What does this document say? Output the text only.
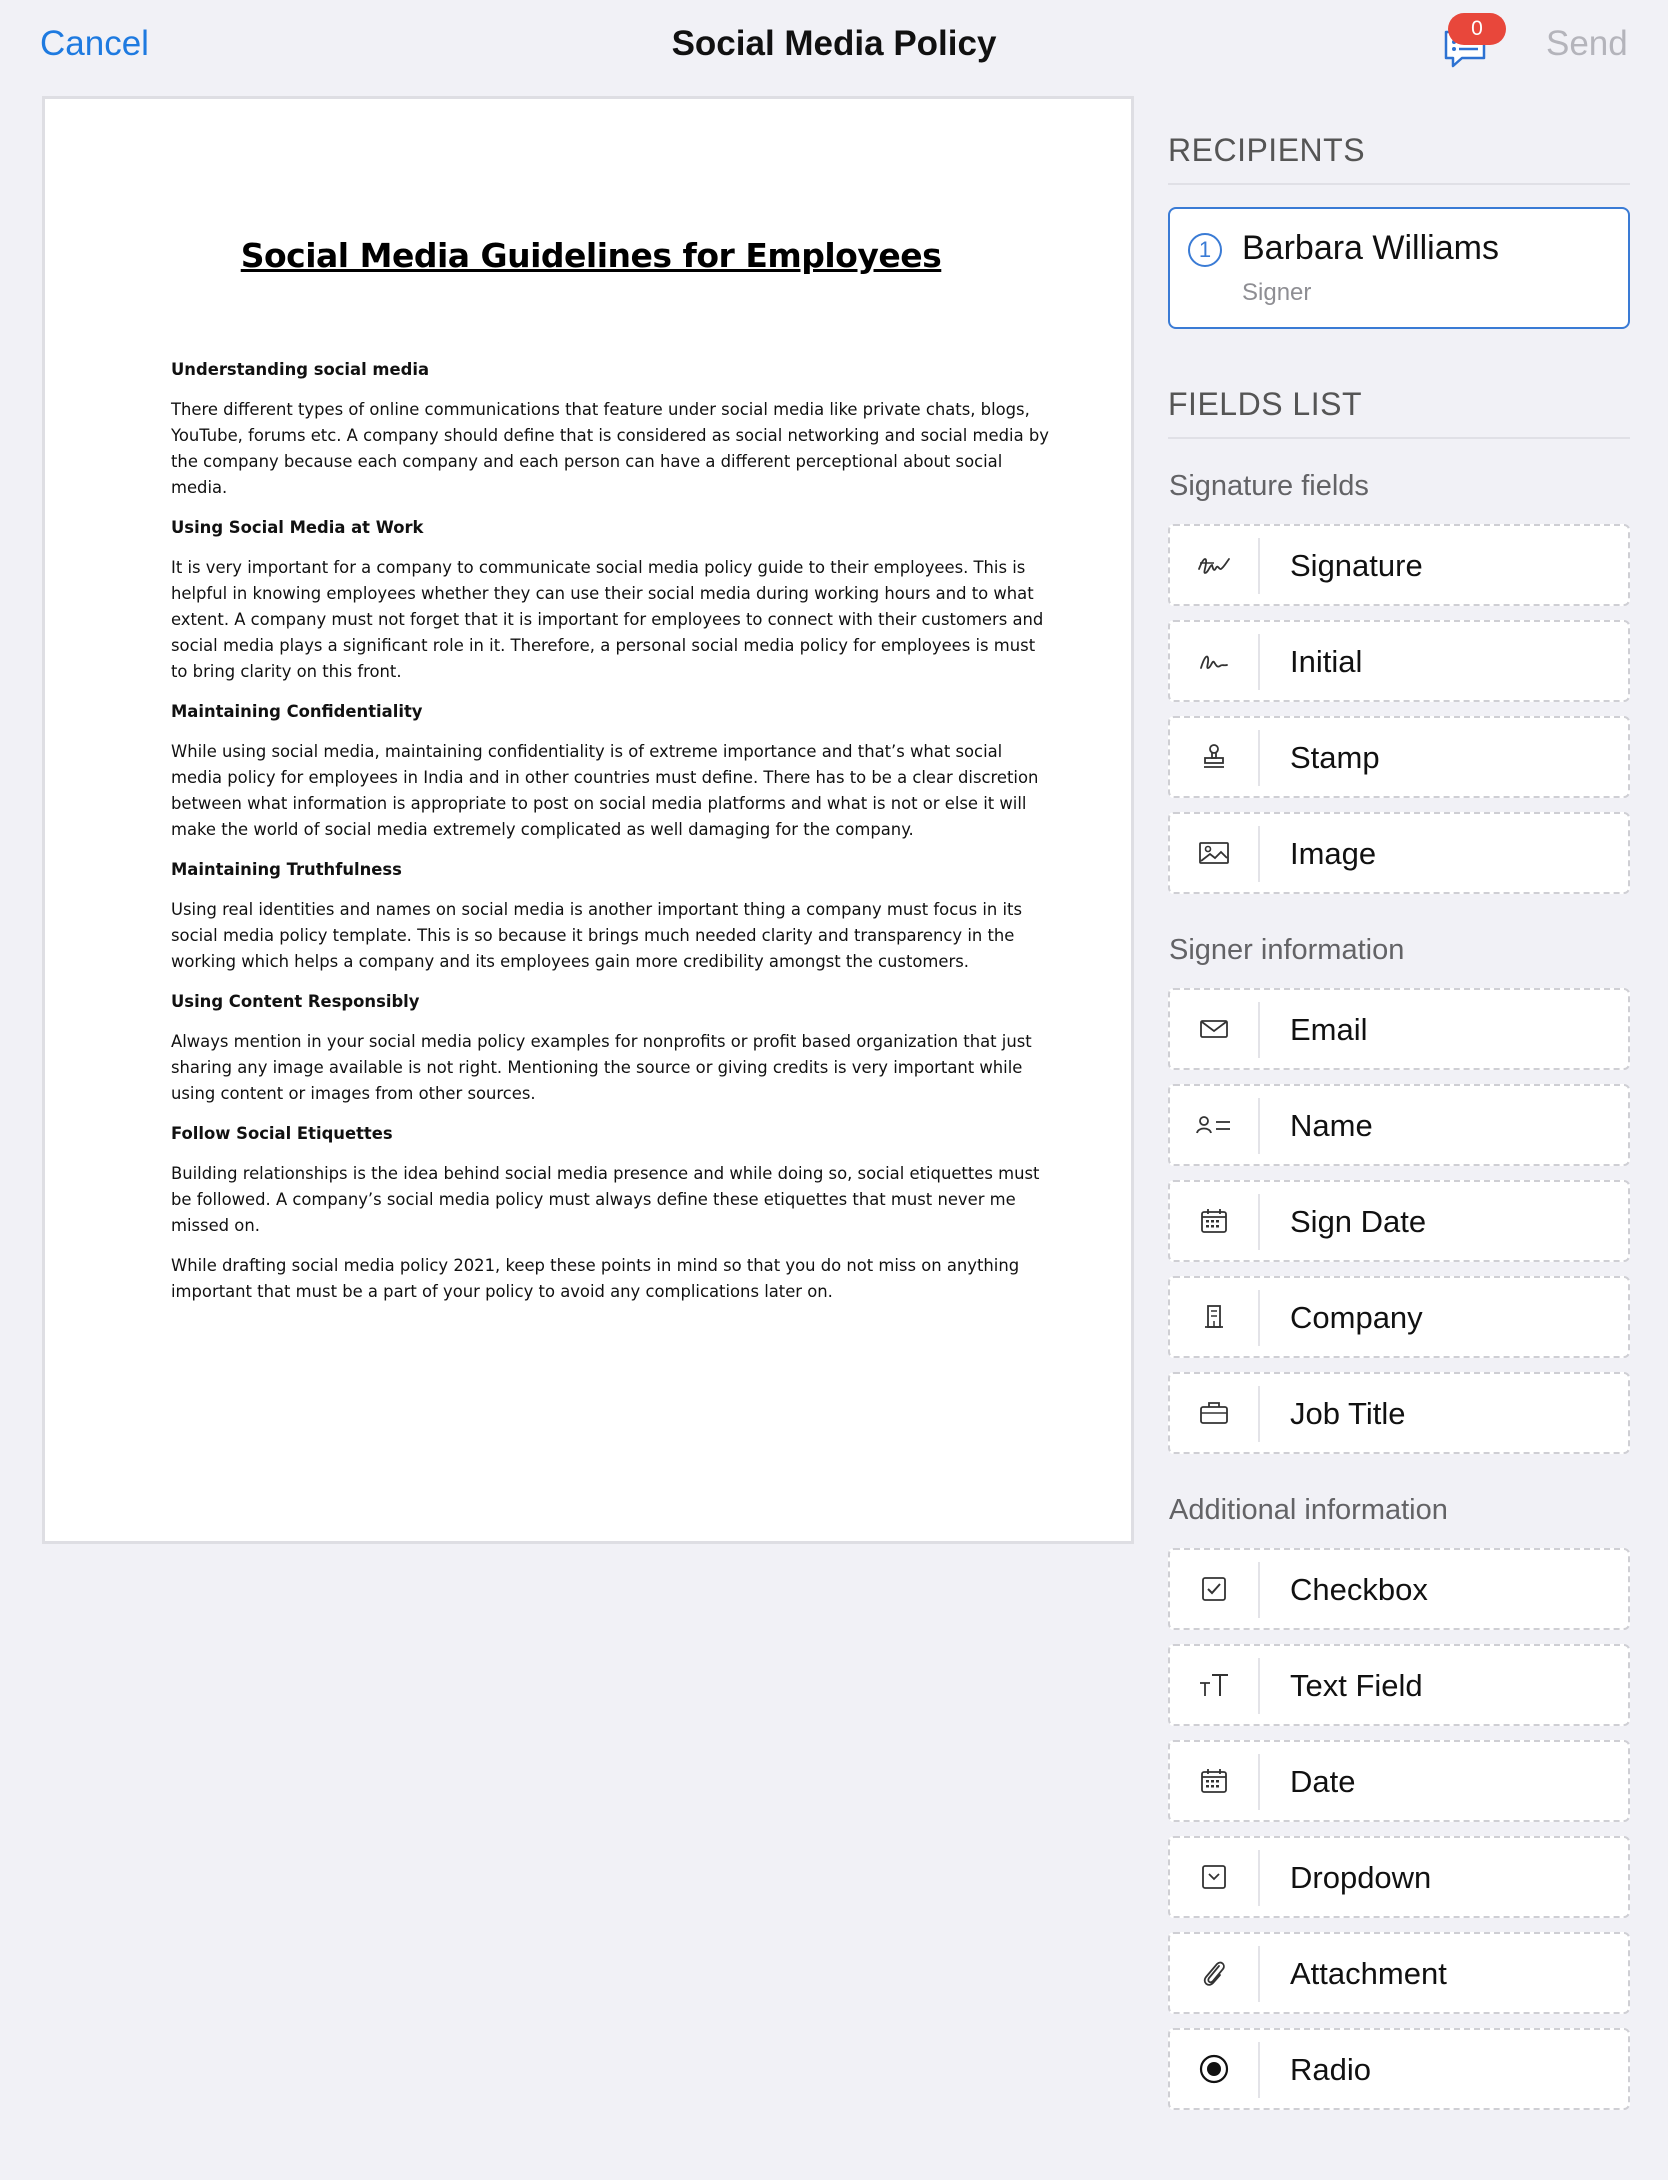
Cancel	Social Media Policy	0	Send
Social Media Guidelines for Employees
Understanding social media

There different types of online communications that feature under social media like private chats, blogs, YouTube, forums etc. A company should define that is considered as social networking and social media by the company because each company and each person can have a different perceptional about social media.

Using Social Media at Work

It is very important for a company to communicate social media policy guide to their employees. This is helpful in knowing employees whether they can use their social media during working hours and to what extent. A company must not forget that it is important for employees to connect with their customers and social media plays a significant role in it. Therefore, a personal social media policy for employees is must to bring clarity on this front.

Maintaining Confidentiality

While using social media, maintaining confidentiality is of extreme importance and that’s what social media policy for employees in India and in other countries must define. There has to be a clear discretion between what information is appropriate to post on social media platforms and what is not or else it will make the world of social media extremely complicated as well damaging for the company.

Maintaining Truthfulness

Using real identities and names on social media is another important thing a company must focus in its social media policy template. This is so because it brings much needed clarity and transparency in the working which helps a company and its employees gain more credibility amongst the customers.

Using Content Responsibly

Always mention in your social media policy examples for nonprofits or profit based organization that just sharing any image available is not right. Mentioning the source or giving credits is very important while using content or images from other sources.

Follow Social Etiquettes

Building relationships is the idea behind social media presence and while doing so, social etiquettes must be followed. A company’s social media policy must always define these etiquettes that must never me missed on.

While drafting social media policy 2021, keep these points in mind so that you do not miss on anything important that must be a part of your policy to avoid any complications later on.

RECIPIENTS
1 Barbara Williams
Signer
FIELDS LIST
Signature fields
Signature
Initial
Stamp
Image
Signer information
Email
Name
Sign Date
Company
Job Title
Additional information
Checkbox
Text Field
Date
Dropdown
Attachment
Radio
